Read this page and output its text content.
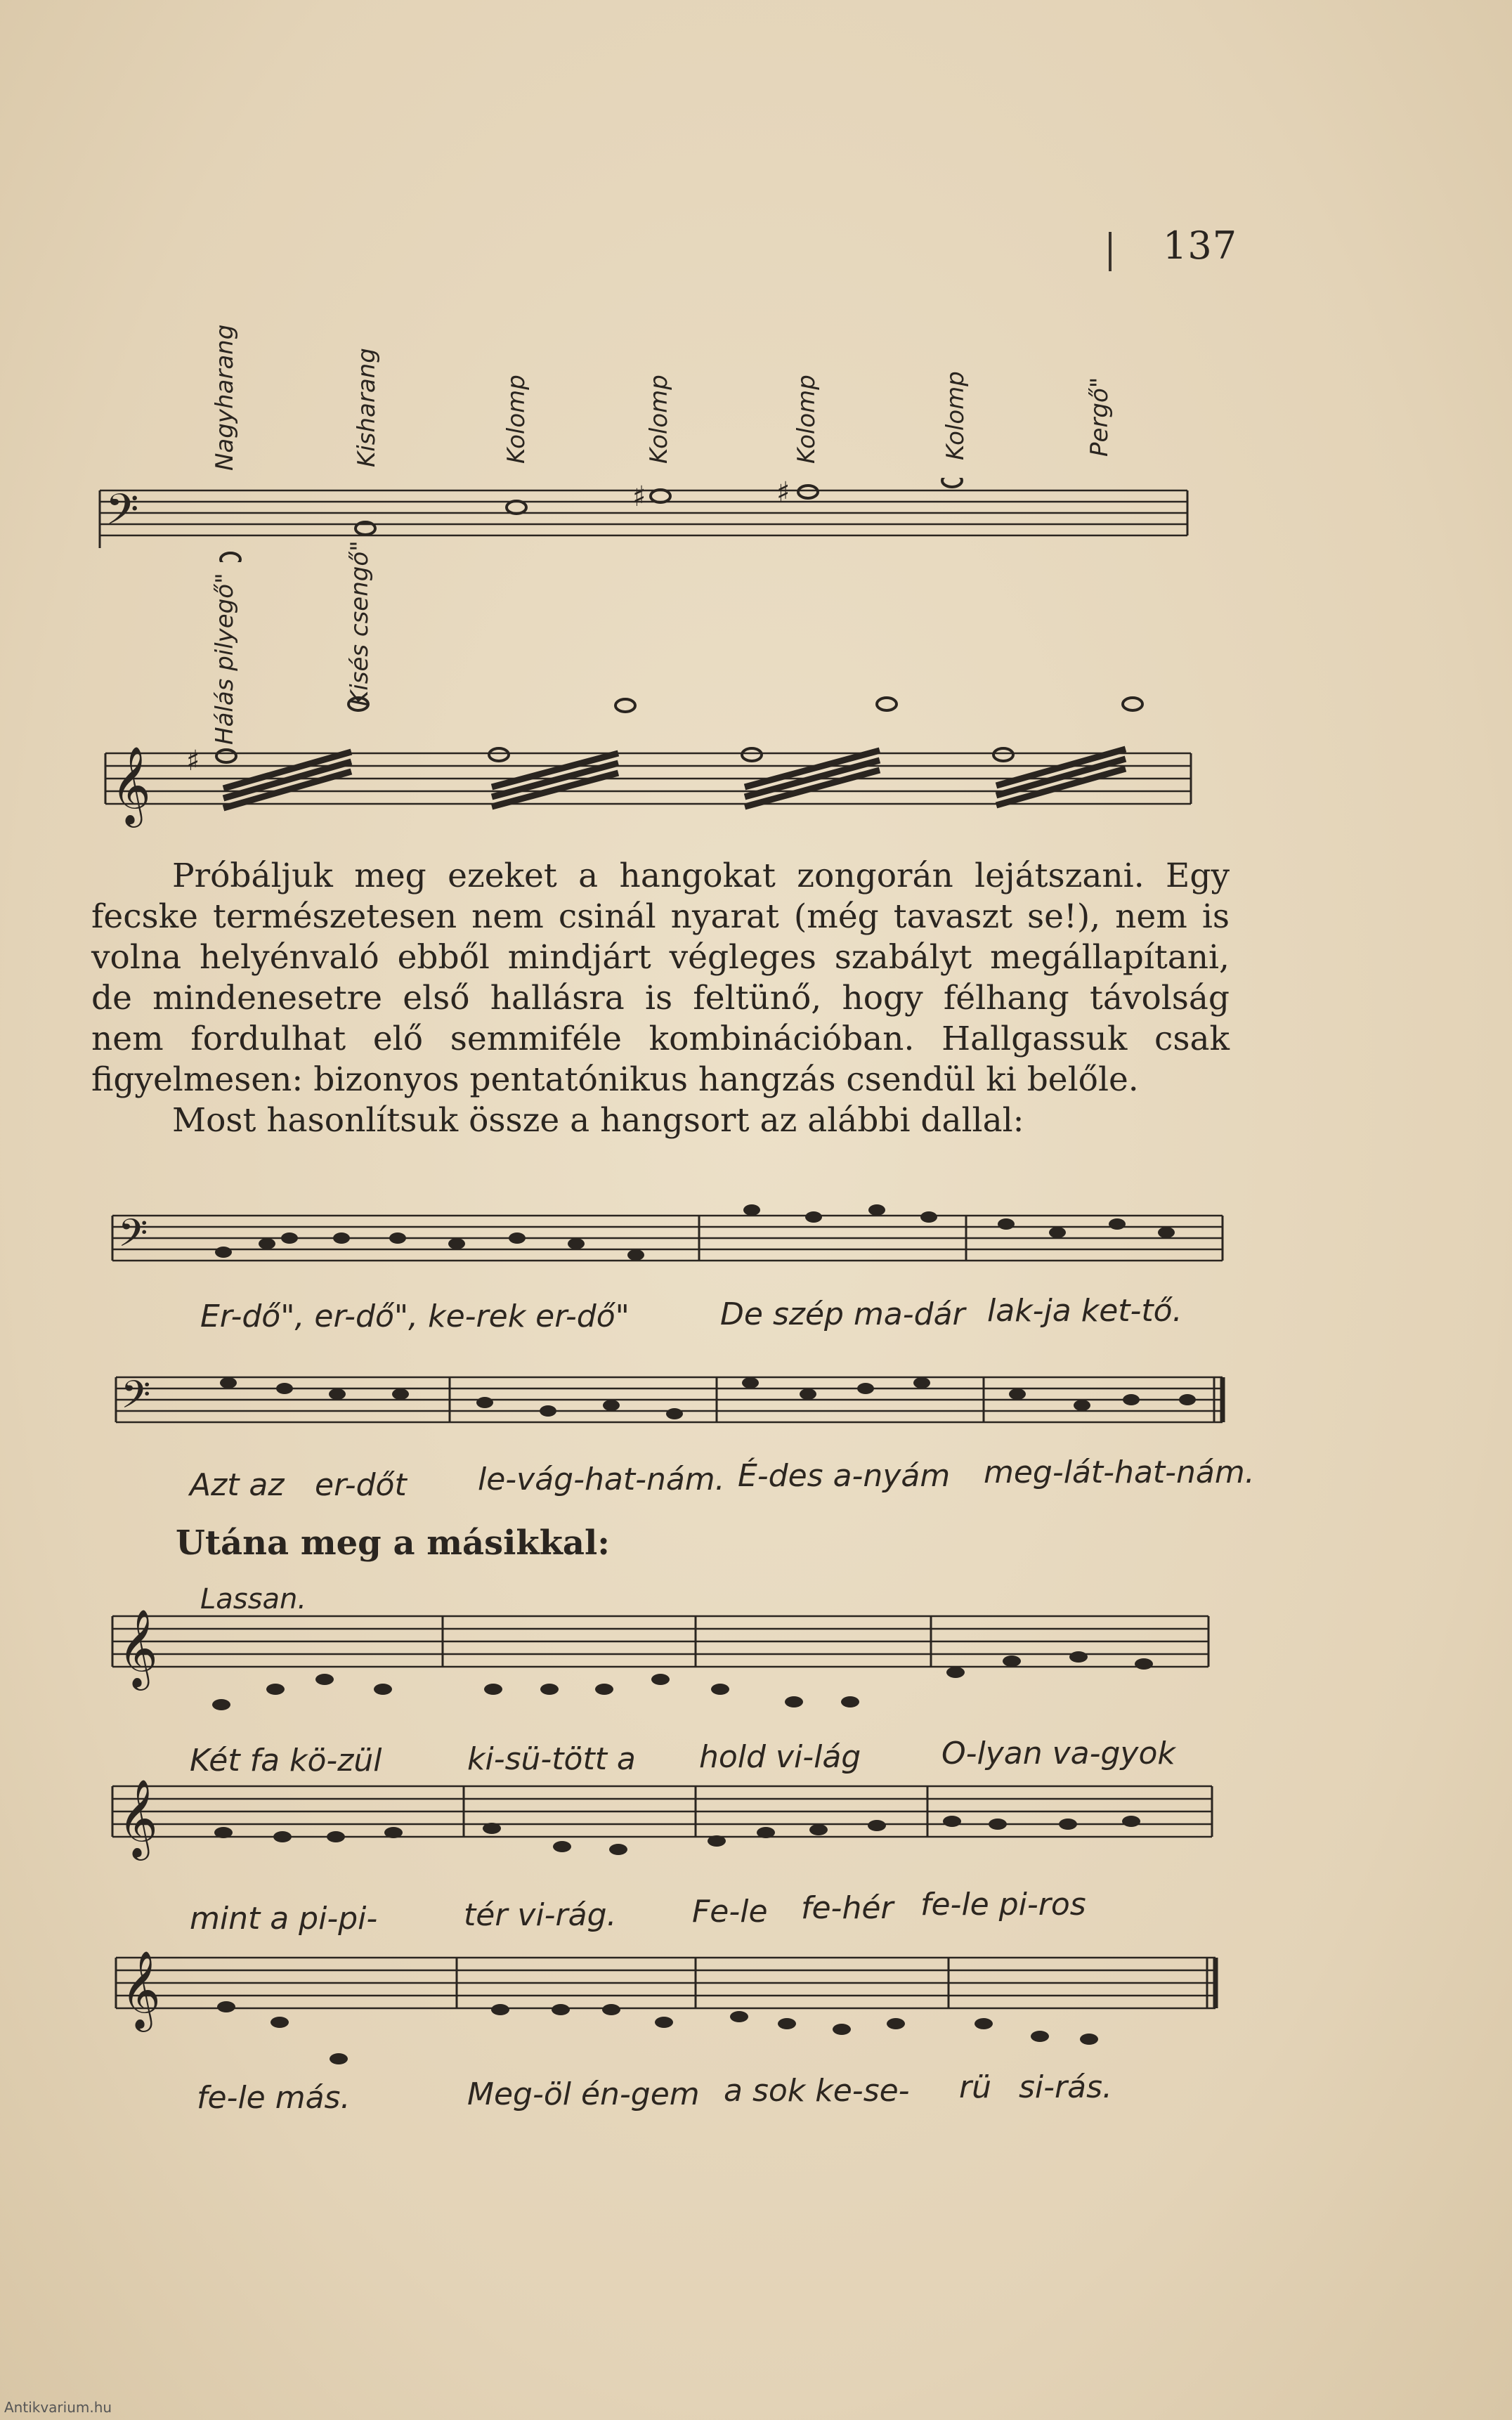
137
𝄢	♯	♯
Nagyharang	Kisharang	Kolomp	Kolomp	Kolomp	Kolomp	Pergő"
Hálás pilyegő"	Kisés csengő"
𝄞 ♯

Próbáljuk meg ezeket a hangokat zongorán lejátszani. Egy fecske természetesen nem csinál nyarat (még tavaszt se!), nem is volna helyénvaló ebből mindjárt végleges szabályt megállapítani, de mindenesetre első hallásra is feltünő, hogy félhang távolság nem fordulhat elő semmiféle kombinációban. Hallgassuk csak figyelmesen: bizonyos pentatónikus hangzás csendül ki belőle.

Most hasonlítsuk össze a hangsort az alábbi dallal:

𝄢
Er-dő", er-dő", ke-rek er-dő"	De szép ma-dár lak-ja ket-tő.
𝄢
Azt az er-dőt le-vág-hat-nám. É-des a-nyám meg-lát-hat-nám.
Utána meg a másikkal:
Lassan.
𝄞
Két fa kö-zül	ki-sü-tött a hold vi-lág	O-lyan va-gyok
𝄞
mint a pi-pi-	tér vi-rág. Fe-le fe-hér fe-le pi-ros
𝄞
fe-le más.	Meg-öl én-gem a sok ke-se- rü si-rás.
Antikvarium.hu
